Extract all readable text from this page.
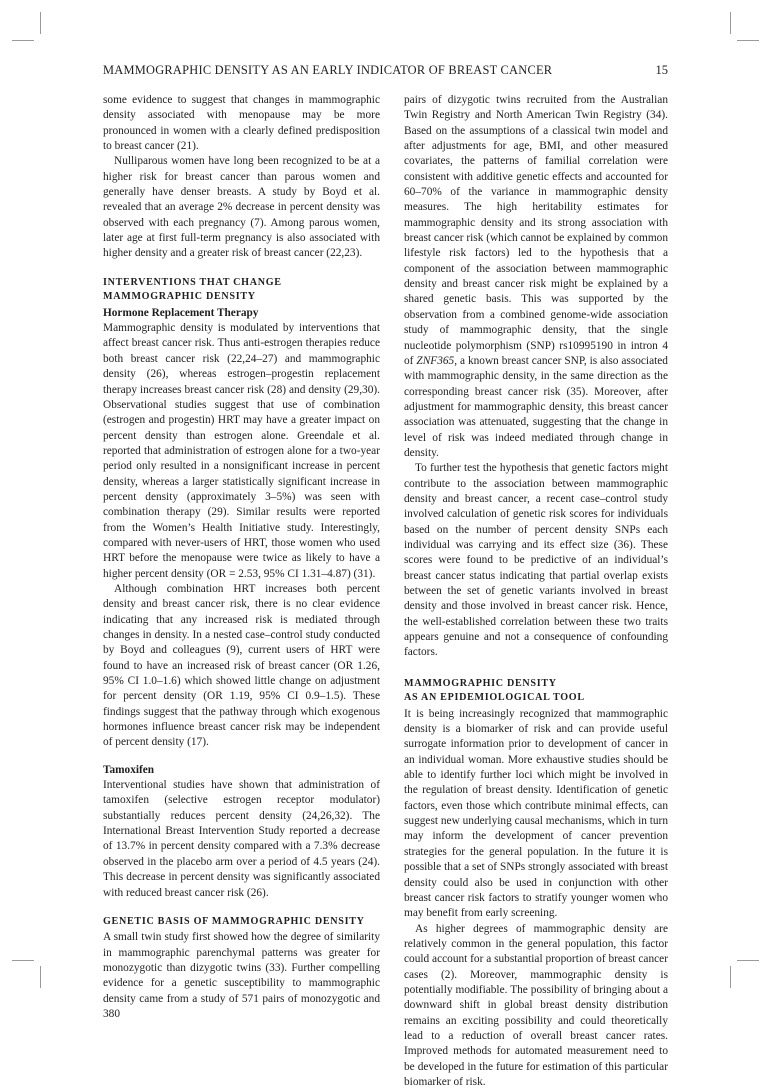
MAMMOGRAPHIC DENSITY AS AN EARLY INDICATOR OF BREAST CANCER	15

some evidence to suggest that changes in mammographic density associated with menopause may be more pronounced in women with a clearly defined predisposition to breast cancer (21).

Nulliparous women have long been recognized to be at a higher risk for breast cancer than parous women and generally have denser breasts. A study by Boyd et al. revealed that an average 2% decrease in percent density was observed with each pregnancy (7). Among parous women, later age at first full-term pregnancy is also associated with higher density and a greater risk of breast cancer (22,23).

INTERVENTIONS THAT CHANGE MAMMOGRAPHIC DENSITY
Hormone Replacement Therapy

Mammographic density is modulated by interventions that affect breast cancer risk. Thus anti-estrogen therapies reduce both breast cancer risk (22,24–27) and mammographic density (26), whereas estrogen–progestin replacement therapy increases breast cancer risk (28) and density (29,30). Observational studies suggest that use of combination (estrogen and progestin) HRT may have a greater impact on percent density than estrogen alone. Greendale et al. reported that administration of estrogen alone for a two-year period only resulted in a nonsignificant increase in percent density, whereas a larger statistically significant increase in percent density (approximately 3–5%) was seen with combination therapy (29). Similar results were reported from the Women’s Health Initiative study. Interestingly, compared with never-users of HRT, those women who used HRT before the menopause were twice as likely to have a higher percent density (OR = 2.53, 95% CI 1.31–4.87) (31).

Although combination HRT increases both percent density and breast cancer risk, there is no clear evidence indicating that any increased risk is mediated through changes in density. In a nested case–control study conducted by Boyd and colleagues (9), current users of HRT were found to have an increased risk of breast cancer (OR 1.26, 95% CI 1.0–1.6) which showed little change on adjustment for percent density (OR 1.19, 95% CI 0.9–1.5). These findings suggest that the pathway through which exogenous hormones influence breast cancer risk may be independent of percent density (17).

Tamoxifen

Interventional studies have shown that administration of tamoxifen (selective estrogen receptor modulator) substantially reduces percent density (24,26,32). The International Breast Intervention Study reported a decrease of 13.7% in percent density compared with a 7.3% decrease observed in the placebo arm over a period of 4.5 years (24). This decrease in percent density was significantly associated with reduced breast cancer risk (26).

GENETIC BASIS OF MAMMOGRAPHIC DENSITY

A small twin study first showed how the degree of similarity in mammographic parenchymal patterns was greater for monozygotic than dizygotic twins (33). Further compelling evidence for a genetic susceptibility to mammographic density came from a study of 571 pairs of monozygotic and 380

pairs of dizygotic twins recruited from the Australian Twin Registry and North American Twin Registry (34). Based on the assumptions of a classical twin model and after adjustments for age, BMI, and other measured covariates, the patterns of familial correlation were consistent with additive genetic effects and accounted for 60–70% of the variance in mammographic density measures. The high heritability estimates for mammographic density and its strong association with breast cancer risk (which cannot be explained by common lifestyle risk factors) led to the hypothesis that a component of the association between mammographic density and breast cancer risk might be explained by a shared genetic basis. This was supported by the observation from a combined genome-wide association study of mammographic density, that the single nucleotide polymorphism (SNP) rs10995190 in intron 4 of ZNF365, a known breast cancer SNP, is also associated with mammographic density, in the same direction as the corresponding breast cancer risk (35). Moreover, after adjustment for mammographic density, this breast cancer association was attenuated, suggesting that the change in level of risk was indeed mediated through change in density.

To further test the hypothesis that genetic factors might contribute to the association between mammographic density and breast cancer, a recent case–control study involved calculation of genetic risk scores for individuals based on the number of percent density SNPs each individual was carrying and its effect size (36). These scores were found to be predictive of an individual’s breast cancer status indicating that partial overlap exists between the set of genetic variants involved in breast density and those involved in breast cancer risk. Hence, the well-established correlation between these two traits appears genuine and not a consequence of confounding factors.

MAMMOGRAPHIC DENSITY
AS AN EPIDEMIOLOGICAL TOOL

It is being increasingly recognized that mammographic density is a biomarker of risk and can provide useful surrogate information prior to development of cancer in an individual woman. More exhaustive studies should be able to identify further loci which might be involved in the regulation of breast density. Identification of genetic factors, even those which contribute minimal effects, can suggest new underlying causal mechanisms, which in turn may inform the development of cancer prevention strategies for the general population. In the future it is possible that a set of SNPs strongly associated with breast density could also be used in conjunction with other breast cancer risk factors to stratify younger women who may benefit from early screening.

As higher degrees of mammographic density are relatively common in the general population, this factor could account for a substantial proportion of breast cancer cases (2). Moreover, mammographic density is potentially modifiable. The possibility of bringing about a downward shift in global breast density distribution remains an exciting possibility and could theoretically lead to a reduction of overall breast cancer rates. Improved methods for automated measurement need to be developed in the future for estimation of this particular biomarker of risk.
